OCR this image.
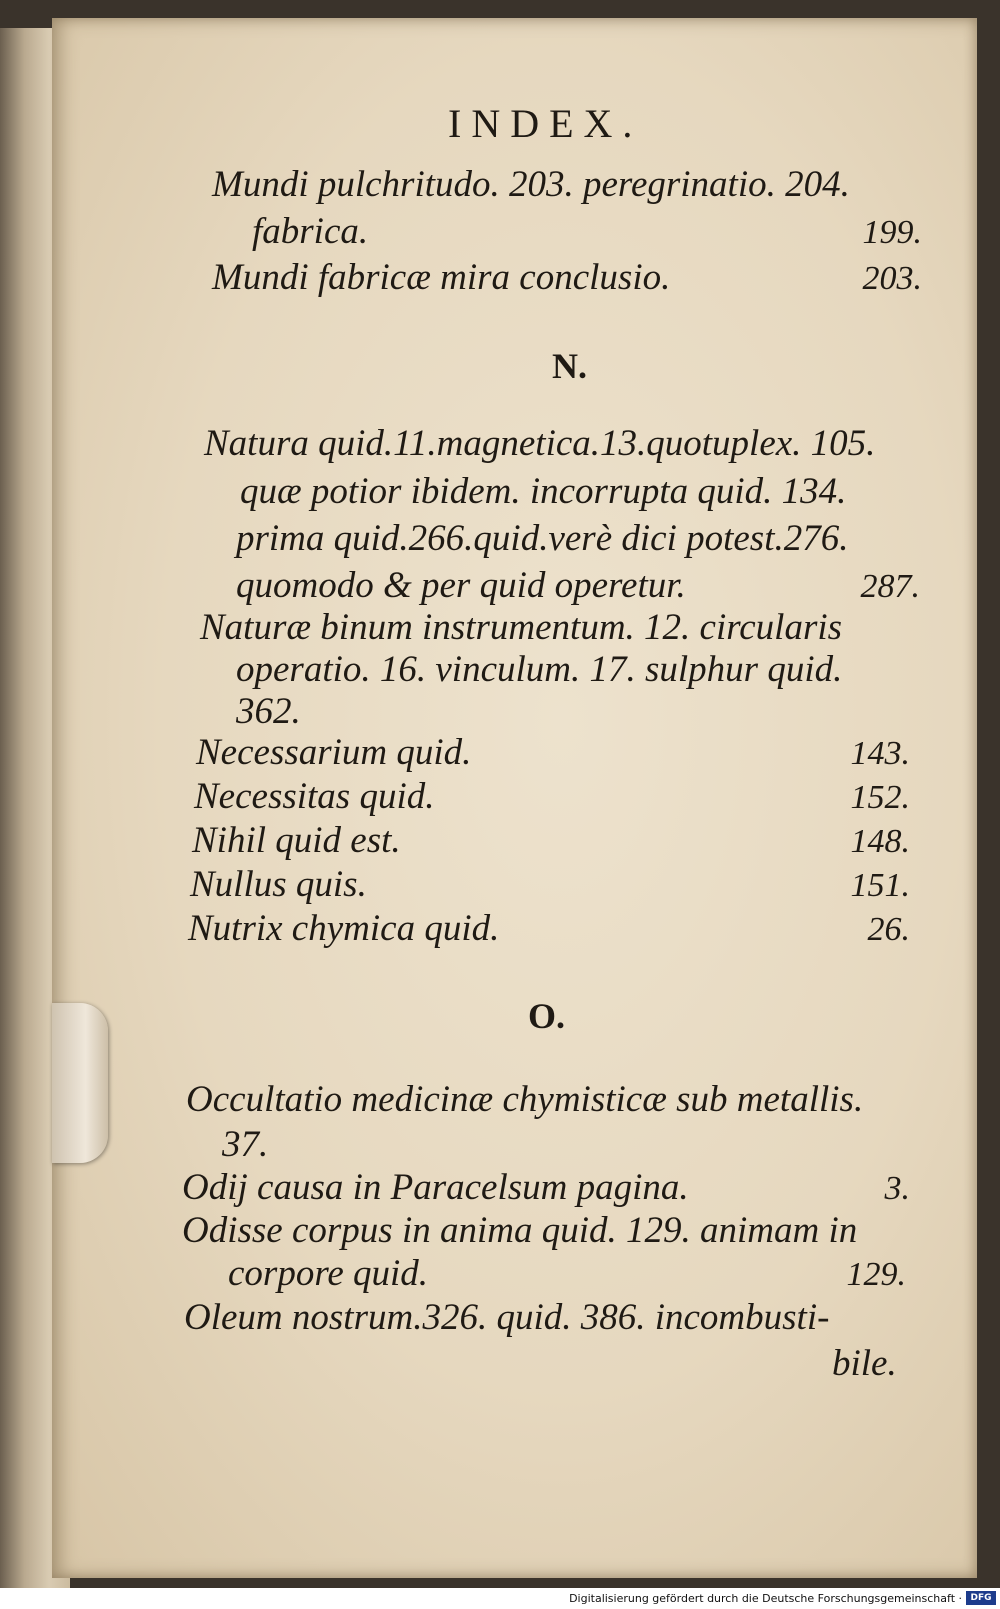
INDEX.
Mundi pulchritudo. 203. peregrinatio. 204.
fabrica.	199.
Mundi fabricæ mira conclusio.	203.
N.
Natura quid.11.magnetica.13.quotuplex. 105.
quæ potior ibidem. incorrupta quid. 134.
prima quid.266.quid.verè dici potest.276.
quomodo & per quid operetur.	287.
Naturæ binum instrumentum. 12. circularis
operatio. 16. vinculum. 17. sulphur quid.
362.
Necessarium quid.	143.
Necessitas quid.	152.
Nihil quid est.	148.
Nullus quis.	151.
Nutrix chymica quid.	26.
O.
Occultatio medicinæ chymisticæ sub metallis.
37.
Odij causa in Paracelsum pagina.	3.
Odisse corpus in anima quid. 129. animam in
corpore quid.	129.
Oleum nostrum.326. quid. 386. incombusti-
bile.
Digitalisierung gefördert durch die Deutsche Forschungsgemeinschaft · DFG
